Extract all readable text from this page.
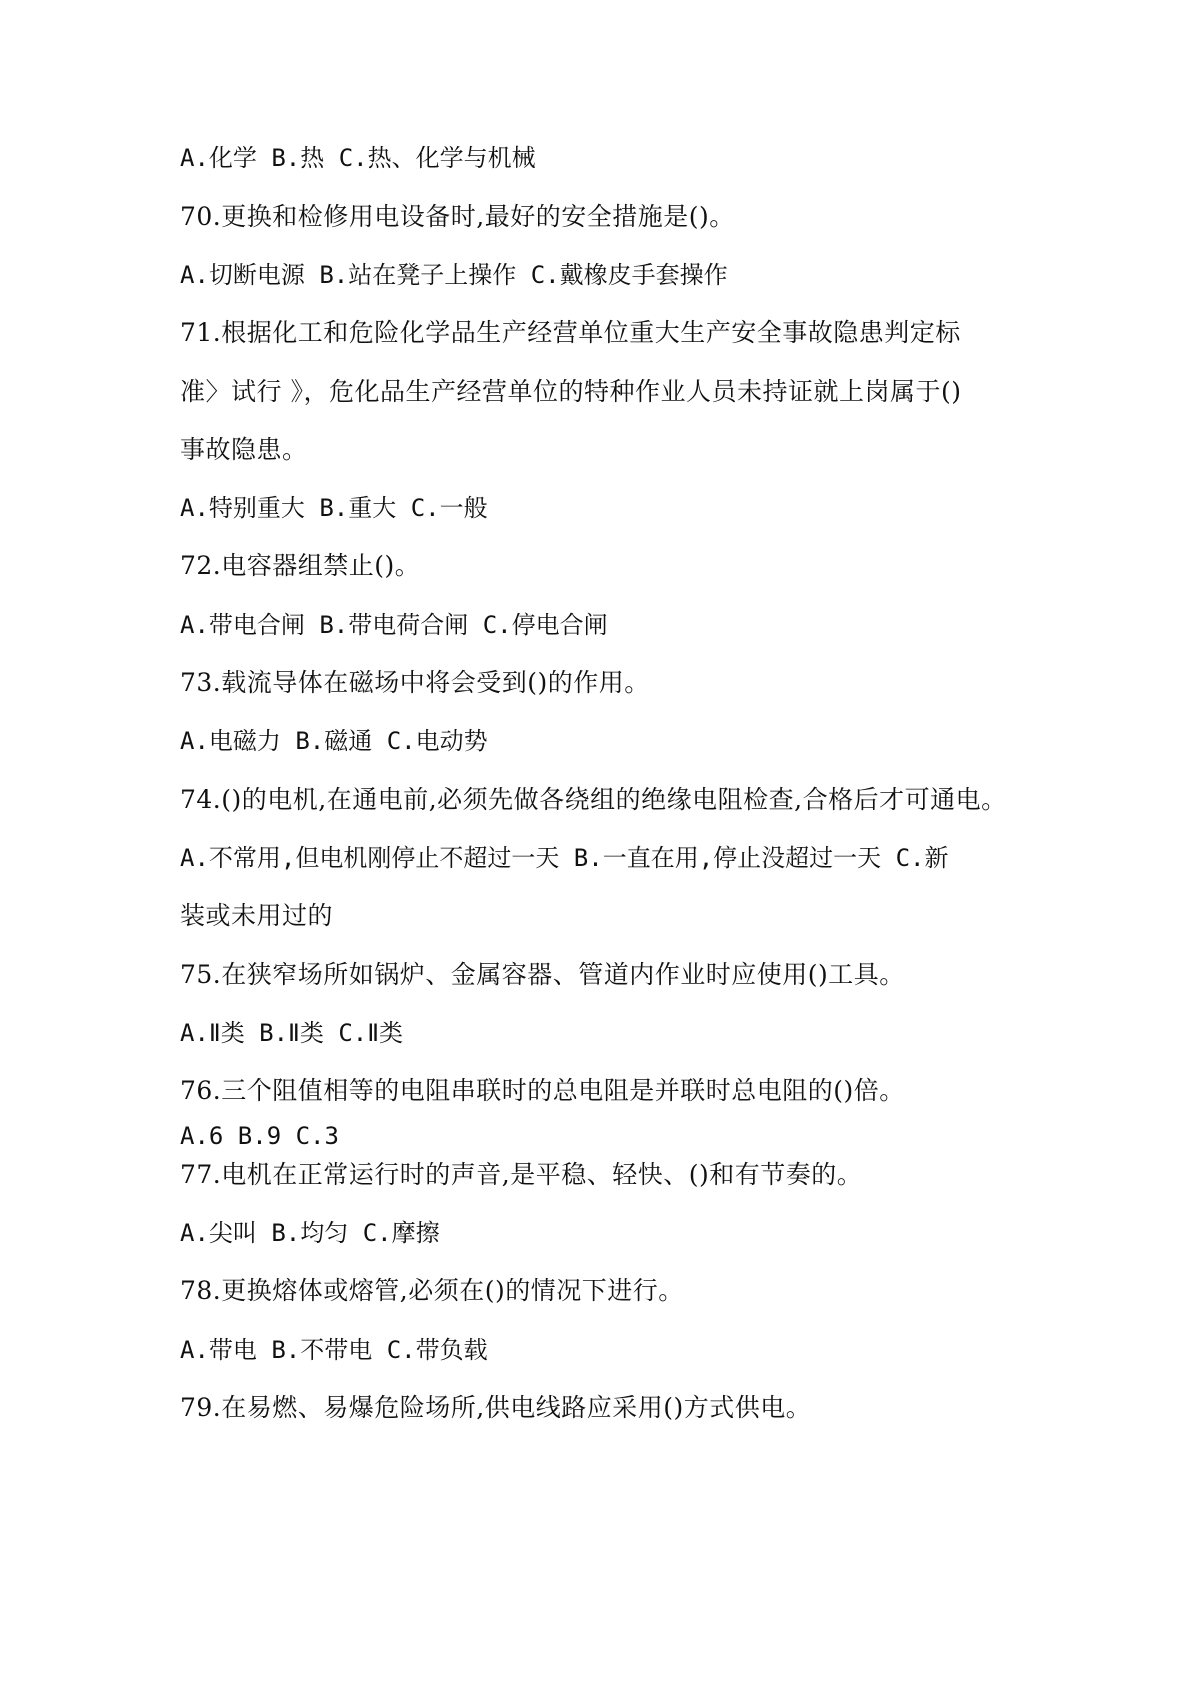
A.化学 B.热 C.热、化学与机械
70.更换和检修用电设备时,最好的安全措施是()。
A.切断电源 B.站在凳子上操作 C.戴橡皮手套操作
71.根据化工和危险化学品生产经营单位重大生产安全事故隐患判定标
准〉试行 》，危化品生产经营单位的特种作业人员未持证就上岗属于()
事故隐患。
A.特别重大 B.重大 C.一般
72.电容器组禁止()。
A.带电合闸 B.带电荷合闸 C.停电合闸
73.载流导体在磁场中将会受到()的作用。
A.电磁力 B.磁通 C.电动势
74.()的电机,在通电前,必须先做各绕组的绝缘电阻检查,合格后才可通电。
A.不常用,但电机刚停止不超过一天 B.一直在用,停止没超过一天 C.新
装或未用过的
75.在狭窄场所如锅炉、金属容器、管道内作业时应使用()工具。
A.Ⅱ类 B.Ⅱ类 C.Ⅱ类
76.三个阻值相等的电阻串联时的总电阻是并联时总电阻的()倍。
A.6 B.9 C.3
77.电机在正常运行时的声音,是平稳、轻快、()和有节奏的。
A.尖叫 B.均匀 C.摩擦
78.更换熔体或熔管,必须在()的情况下进行。
A.带电 B.不带电 C.带负载
79.在易燃、易爆危险场所,供电线路应采用()方式供电。
